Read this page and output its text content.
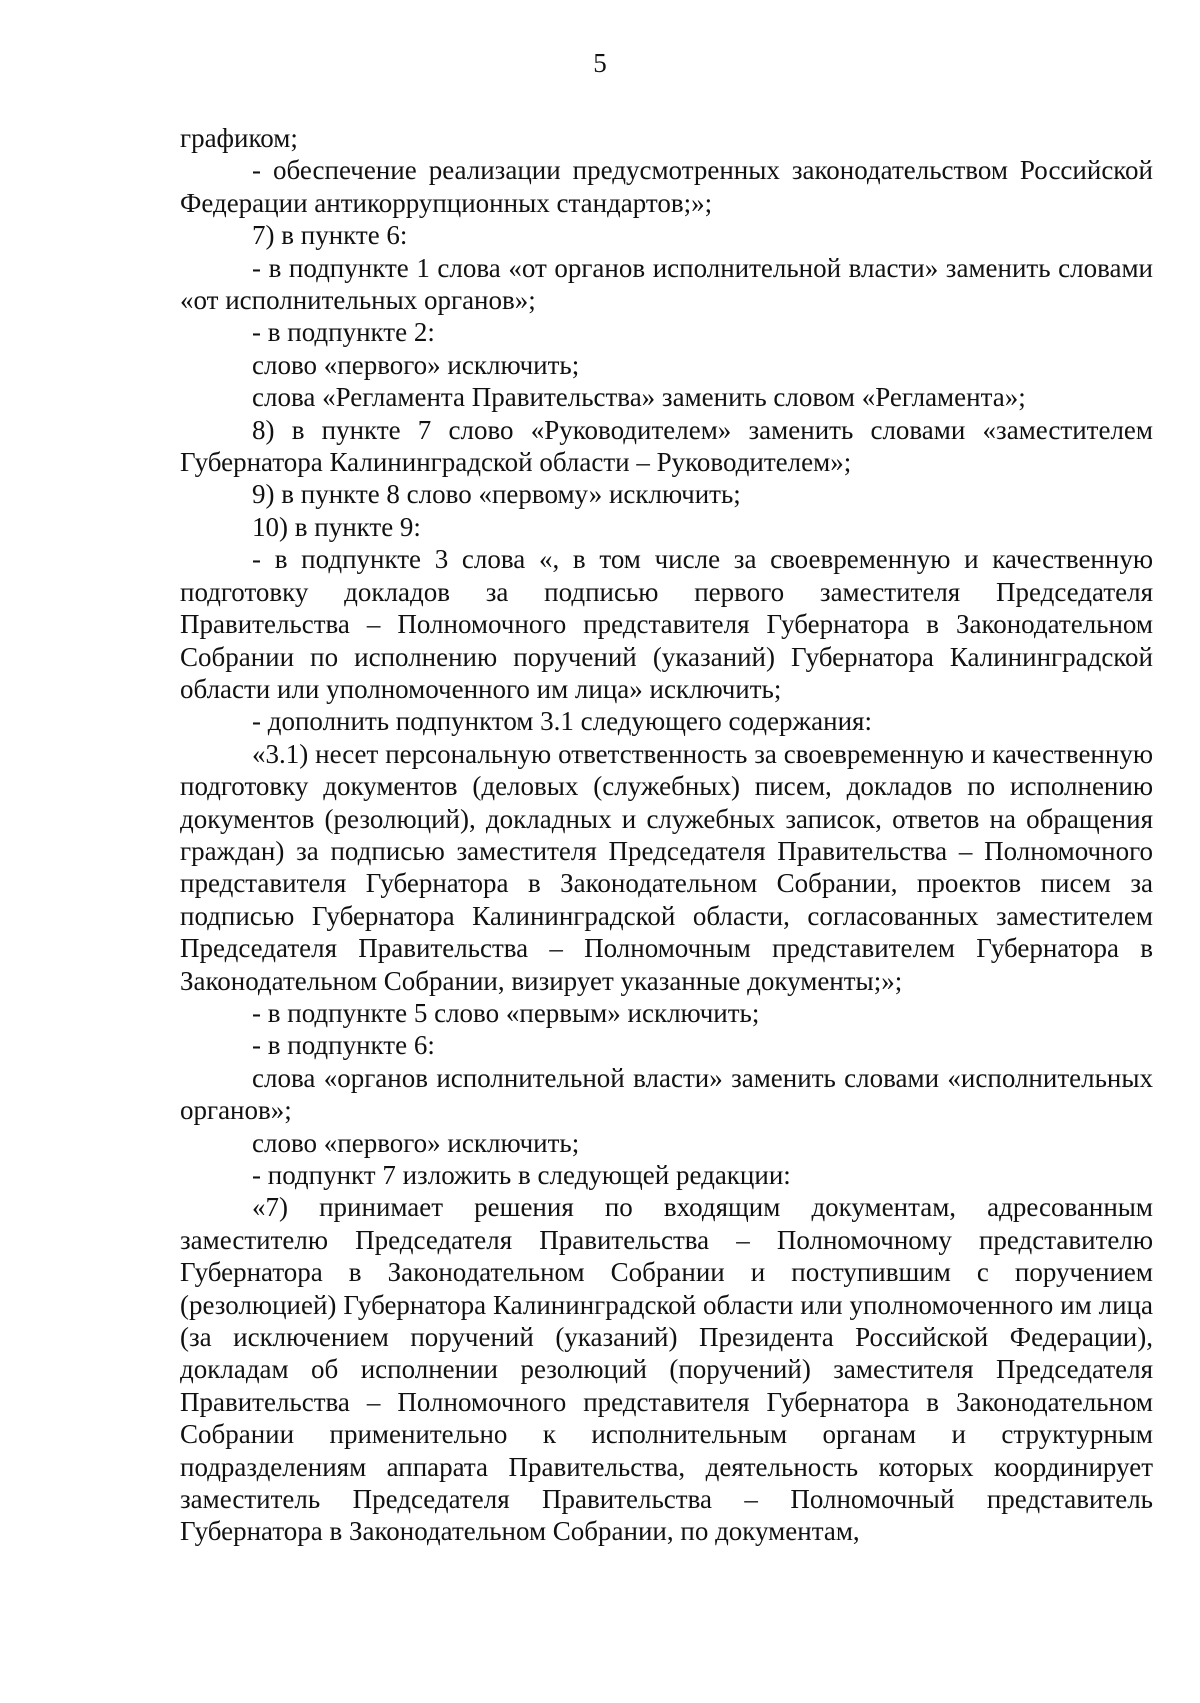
5

графиком;

- обеспечение реализации предусмотренных законодательством Российской Федерации антикоррупционных стандартов;»;

7) в пункте 6:

- в подпункте 1 слова «от органов исполнительной власти» заменить словами «от исполнительных органов»;

- в подпункте 2:

слово «первого» исключить;

слова «Регламента Правительства» заменить словом «Регламента»;

8) в пункте 7 слово «Руководителем» заменить словами «заместителем Губернатора Калининградской области – Руководителем»;

9) в пункте 8 слово «первому» исключить;

10) в пункте 9:

- в подпункте 3 слова «, в том числе за своевременную и качественную подготовку докладов за подписью первого заместителя Председателя Правительства – Полномочного представителя Губернатора в Законодательном Собрании по исполнению поручений (указаний) Губернатора Калининградской области или уполномоченного им лица» исключить;

- дополнить подпунктом 3.1 следующего содержания:

«3.1) несет персональную ответственность за своевременную и качественную подготовку документов (деловых (служебных) писем, докладов по исполнению документов (резолюций), докладных и служебных записок, ответов на обращения граждан) за подписью заместителя Председателя Правительства – Полномочного представителя Губернатора в Законодательном Собрании, проектов писем за подписью Губернатора Калининградской области, согласованных заместителем Председателя Правительства – Полномочным представителем Губернатора в Законодательном Собрании, визирует указанные документы;»;

- в подпункте 5 слово «первым» исключить;

- в подпункте 6:

слова «органов исполнительной власти» заменить словами «исполнительных органов»;

слово «первого» исключить;

- подпункт 7 изложить в следующей редакции:

«7) принимает решения по входящим документам, адресованным заместителю Председателя Правительства – Полномочному представителю Губернатора в Законодательном Собрании и поступившим с поручением (резолюцией) Губернатора Калининградской области или уполномоченного им лица (за исключением поручений (указаний) Президента Российской Федерации), докладам об исполнении резолюций (поручений) заместителя Председателя Правительства – Полномочного представителя Губернатора в Законодательном Собрании применительно к исполнительным органам и структурным подразделениям аппарата Правительства, деятельность которых координирует заместитель Председателя Правительства – Полномочный представитель Губернатора в Законодательном Собрании, по документам,
